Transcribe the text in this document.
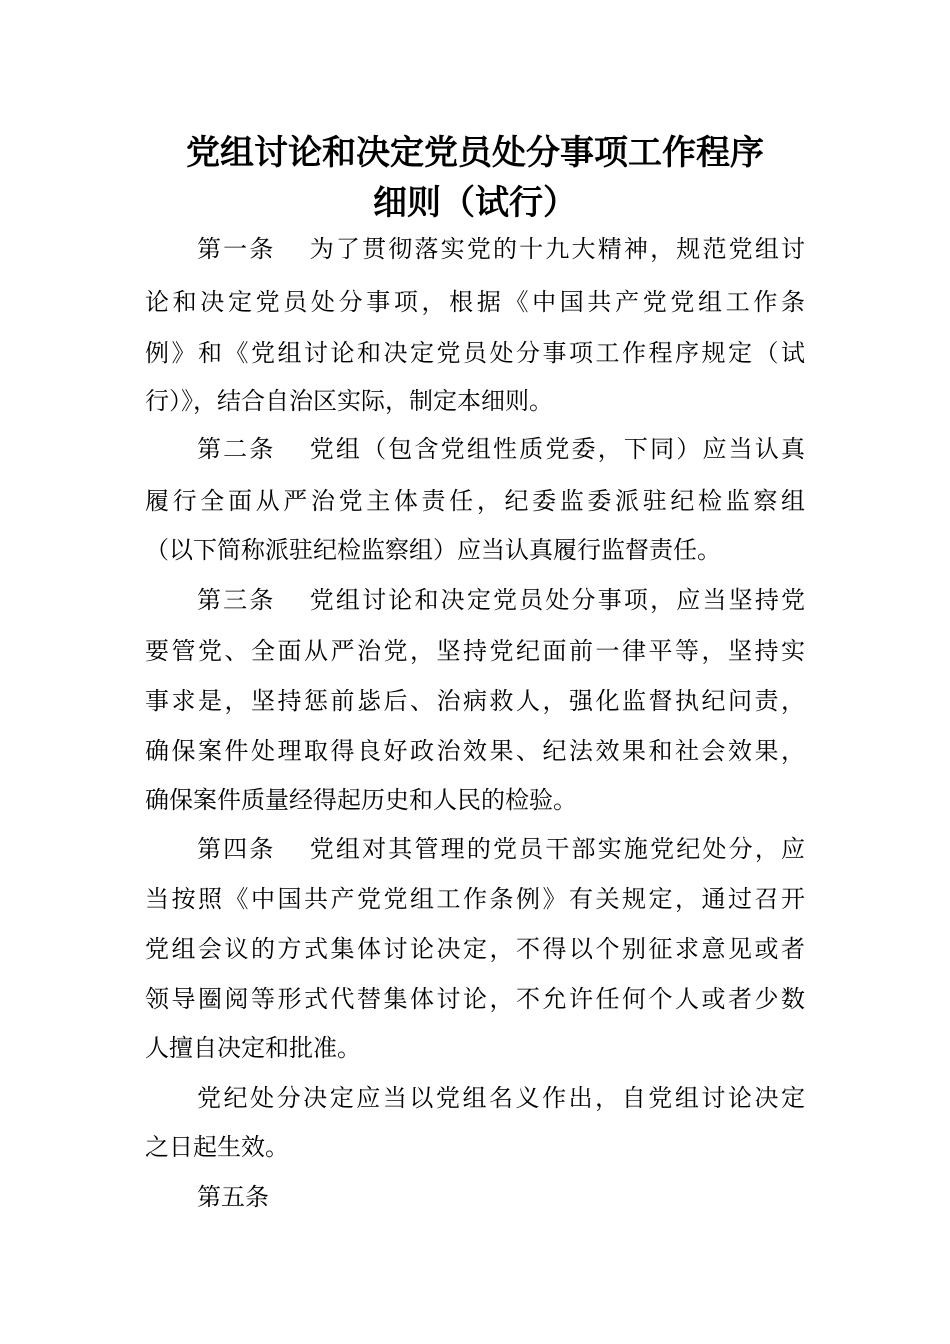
党组讨论和决定党员处分事项工作程序
细则（试行）

第一条 为了贯彻落实党的十九大精神，规范党组讨

论和决定党员处分事项，根据《中国共产党党组工作条

例》和《党组讨论和决定党员处分事项工作程序规定（试

行）》，结合自治区实际，制定本细则。

第二条 党组（包含党组性质党委，下同）应当认真

履行全面从严治党主体责任，纪委监委派驻纪检监察组

（以下简称派驻纪检监察组）应当认真履行监督责任。

第三条 党组讨论和决定党员处分事项，应当坚持党

要管党、全面从严治党，坚持党纪面前一律平等，坚持实

事求是，坚持惩前毖后、治病救人，强化监督执纪问责，

确保案件处理取得良好政治效果、纪法效果和社会效果，

确保案件质量经得起历史和人民的检验。

第四条 党组对其管理的党员干部实施党纪处分，应

当按照《中国共产党党组工作条例》有关规定，通过召开

党组会议的方式集体讨论决定，不得以个别征求意见或者

领导圈阅等形式代替集体讨论，不允许任何个人或者少数

人擅自决定和批准。

党纪处分决定应当以党组名义作出，自党组讨论决定

之日起生效。

第五条
